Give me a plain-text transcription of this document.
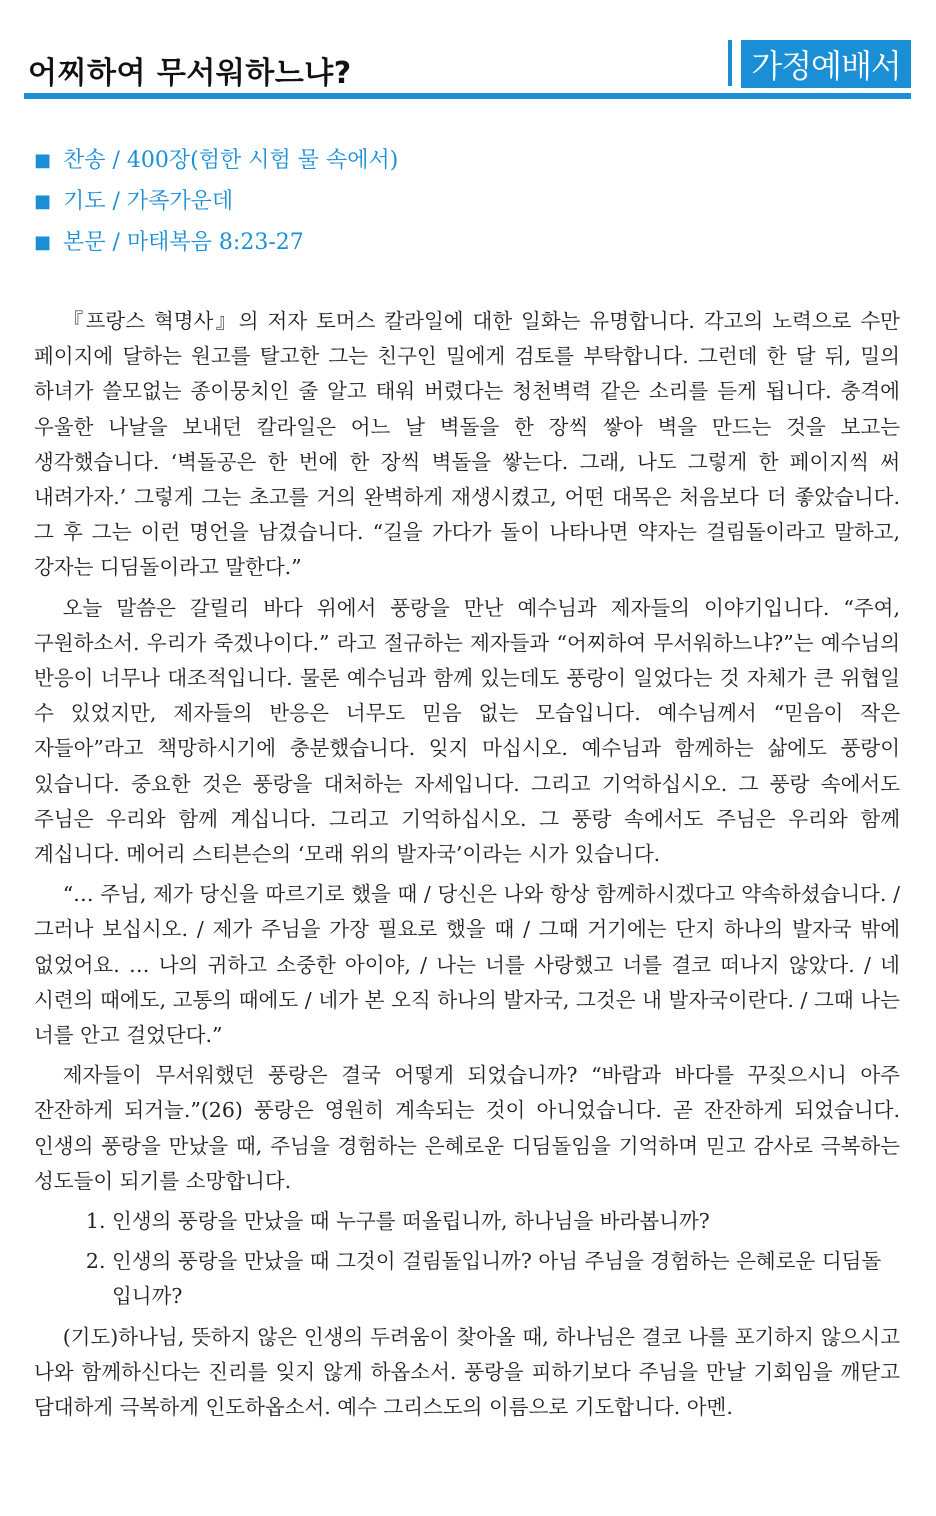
어찌하여 무서워하느냐?	가정예배서
■ 찬송 / 400장(험한 시험 물 속에서)
■ 기도 / 가족가운데
■ 본문 / 마태복음 8:23-27

『프랑스 혁명사』의 저자 토머스 칼라일에 대한 일화는 유명합니다. 각고의 노력으로 수만 페이지에 달하는 원고를 탈고한 그는 친구인 밀에게 검토를 부탁합니다. 그런데 한 달 뒤, 밀의 하녀가 쓸모없는 종이뭉치인 줄 알고 태워 버렸다는 청천벽력 같은 소리를 듣게 됩니다. 충격에 우울한 나날을 보내던 칼라일은 어느 날 벽돌을 한 장씩 쌓아 벽을 만드는 것을 보고는 생각했습니다. ‘벽돌공은 한 번에 한 장씩 벽돌을 쌓는다. 그래, 나도 그렇게 한 페이지씩 써 내려가자.’ 그렇게 그는 초고를 거의 완벽하게 재생시켰고, 어떤 대목은 처음보다 더 좋았습니다. 그 후 그는 이런 명언을 남겼습니다. “길을 가다가 돌이 나타나면 약자는 걸림돌이라고 말하고, 강자는 디딤돌이라고 말한다.”

오늘 말씀은 갈릴리 바다 위에서 풍랑을 만난 예수님과 제자들의 이야기입니다. “주여, 구원하소서. 우리가 죽겠나이다.” 라고 절규하는 제자들과 “어찌하여 무서워하느냐?”는 예수님의 반응이 너무나 대조적입니다. 물론 예수님과 함께 있는데도 풍랑이 일었다는 것 자체가 큰 위협일 수 있었지만, 제자들의 반응은 너무도 믿음 없는 모습입니다. 예수님께서 “믿음이 작은 자들아”라고 책망하시기에 충분했습니다. 잊지 마십시오. 예수님과 함께하는 삶에도 풍랑이 있습니다. 중요한 것은 풍랑을 대처하는 자세입니다. 그리고 기억하십시오. 그 풍랑 속에서도 주님은 우리와 함께 계십니다. 그리고 기억하십시오. 그 풍랑 속에서도 주님은 우리와 함께 계십니다. 메어리 스티븐슨의 ‘모래 위의 발자국’이라는 시가 있습니다.

“… 주님, 제가 당신을 따르기로 했을 때 / 당신은 나와 항상 함께하시겠다고 약속하셨습니다. / 그러나 보십시오. / 제가 주님을 가장 필요로 했을 때 / 그때 거기에는 단지 하나의 발자국 밖에 없었어요. … 나의 귀하고 소중한 아이야, / 나는 너를 사랑했고 너를 결코 떠나지 않았다. / 네 시련의 때에도, 고통의 때에도 / 네가 본 오직 하나의 발자국, 그것은 내 발자국이란다. / 그때 나는 너를 안고 걸었단다.”

제자들이 무서워했던 풍랑은 결국 어떻게 되었습니까? “바람과 바다를 꾸짖으시니 아주 잔잔하게 되거늘.”(26) 풍랑은 영원히 계속되는 것이 아니었습니다. 곧 잔잔하게 되었습니다. 인생의 풍랑을 만났을 때, 주님을 경험하는 은혜로운 디딤돌임을 기억하며 믿고 감사로 극복하는 성도들이 되기를 소망합니다.

1. 인생의 풍랑을 만났을 때 누구를 떠올립니까, 하나님을 바라봅니까?
2. 인생의 풍랑을 만났을 때 그것이 걸림돌입니까? 아님 주님을 경험하는 은혜로운 디딤돌입니까?

(기도)하나님, 뜻하지 않은 인생의 두려움이 찾아올 때, 하나님은 결코 나를 포기하지 않으시고 나와 함께하신다는 진리를 잊지 않게 하옵소서. 풍랑을 피하기보다 주님을 만날 기회임을 깨닫고 담대하게 극복하게 인도하옵소서. 예수 그리스도의 이름으로 기도합니다. 아멘.
